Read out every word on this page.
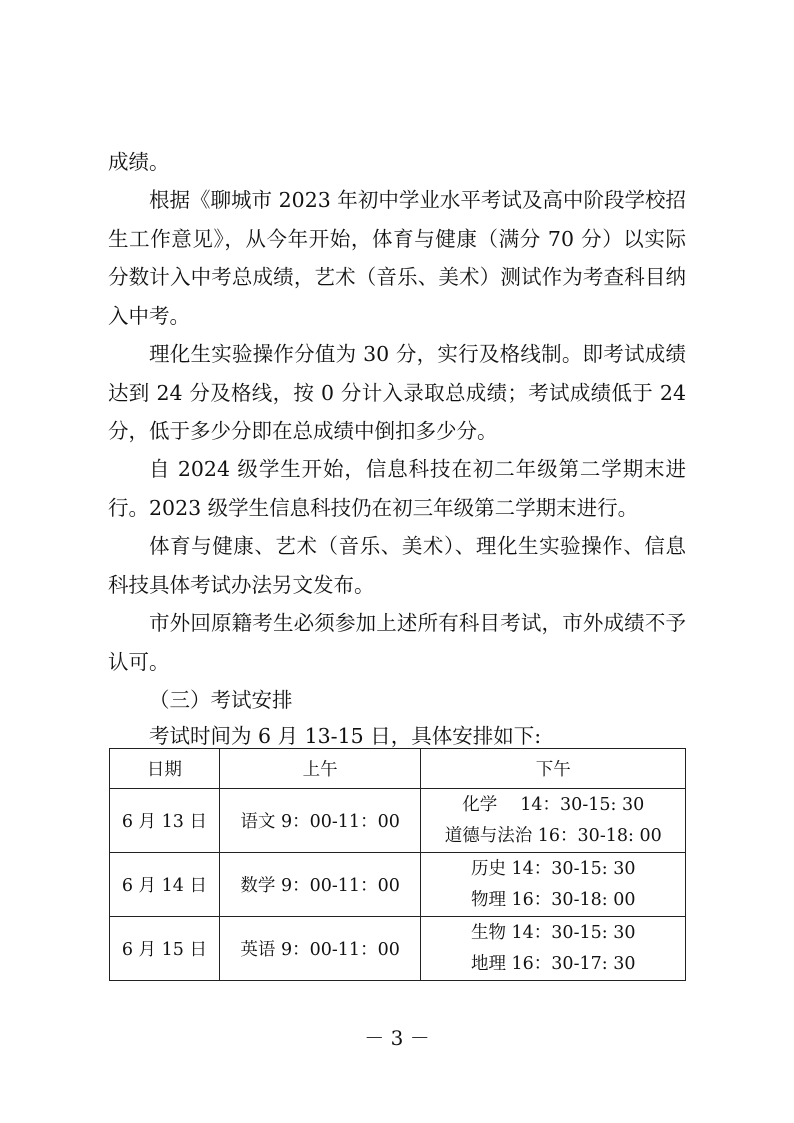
成绩。

根据《聊城市 2023 年初中学业水平考试及高中阶段学校招生工作意见》，从今年开始，体育与健康（满分 70 分）以实际分数计入中考总成绩，艺术（音乐、美术）测试作为考查科目纳入中考。

理化生实验操作分值为 30 分，实行及格线制。即考试成绩达到 24 分及格线，按 0 分计入录取总成绩；考试成绩低于 24 分，低于多少分即在总成绩中倒扣多少分。

自 2024 级学生开始，信息科技在初二年级第二学期末进行。2023 级学生信息科技仍在初三年级第二学期末进行。

体育与健康、艺术（音乐、美术）、理化生实验操作、信息科技具体考试办法另文发布。

市外回原籍考生必须参加上述所有科目考试，市外成绩不予认可。

（三）考试安排

考试时间为 6 月 13-15 日，具体安排如下:

日期	上午	下午
6 月 13 日	语文 9：00-11：00	化学　 14：30-15: 30
道德与法治 16：30-18: 00

6 月 14 日	数学 9：00-11：00	历史 14：30-15: 30
物理 16：30-18: 00

6 月 15 日	英语 9：00-11：00	生物 14：30-15: 30
地理 16：30-17: 30
－ 3 －
